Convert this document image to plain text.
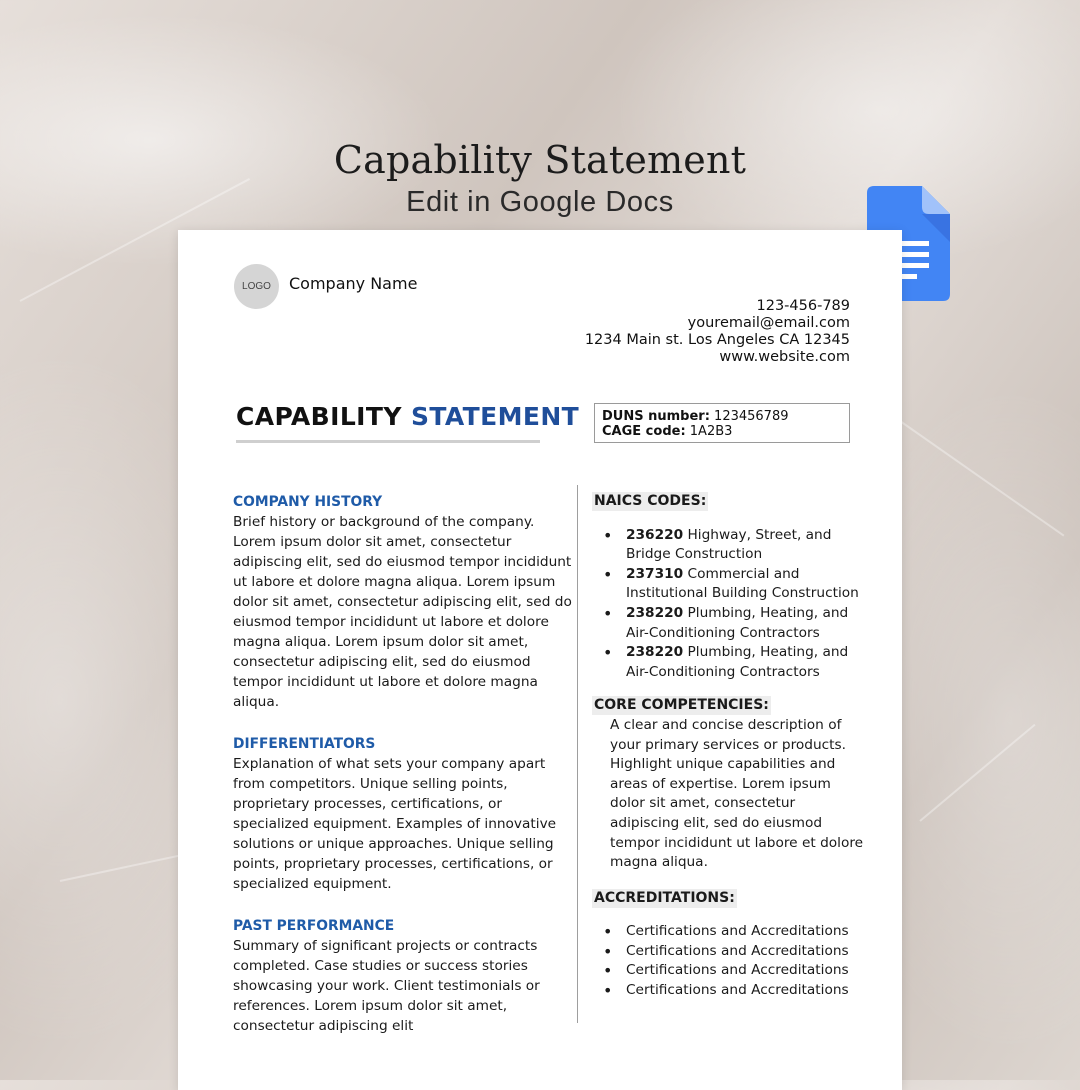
Capability Statement
Edit in Google Docs
LOGO	Company Name
123-456-789
youremail@email.com
1234 Main st. Los Angeles CA 12345
www.website.com
CAPABILITY STATEMENT DUNS number: 123456789
CAGE code: 1A2B3
COMPANY HISTORY

Brief history or background of the company. Lorem ipsum dolor sit amet, consectetur adipiscing elit, sed do eiusmod tempor incididunt ut labore et dolore magna aliqua. Lorem ipsum dolor sit amet, consectetur adipiscing elit, sed do eiusmod tempor incididunt ut labore et dolore magna aliqua. Lorem ipsum dolor sit amet, consectetur adipiscing elit, sed do eiusmod tempor incididunt ut labore et dolore magna aliqua.

DIFFERENTIATORS

Explanation of what sets your company apart from competitors. Unique selling points, proprietary processes, certifications, or specialized equipment. Examples of innovative solutions or unique approaches. Unique selling points, proprietary processes, certifications, or specialized equipment.

PAST PERFORMANCE

Summary of significant projects or contracts completed. Case studies or success stories showcasing your work. Client testimonials or references. Lorem ipsum dolor sit amet, consectetur adipiscing elit

NAICS CODES:
• 236220 Highway, Street, and Bridge Construction
• 237310 Commercial and Institutional Building Construction
• 238220 Plumbing, Heating, and Air-Conditioning Contractors
• 238220 Plumbing, Heating, and Air-Conditioning Contractors
CORE COMPETENCIES:
A clear and concise description of your primary services or products. Highlight unique capabilities and areas of expertise. Lorem ipsum dolor sit amet, consectetur adipiscing elit, sed do eiusmod tempor incididunt ut labore et dolore magna aliqua.
ACCREDITATIONS:
• Certifications and Accreditations
• Certifications and Accreditations
• Certifications and Accreditations
• Certifications and Accreditations
